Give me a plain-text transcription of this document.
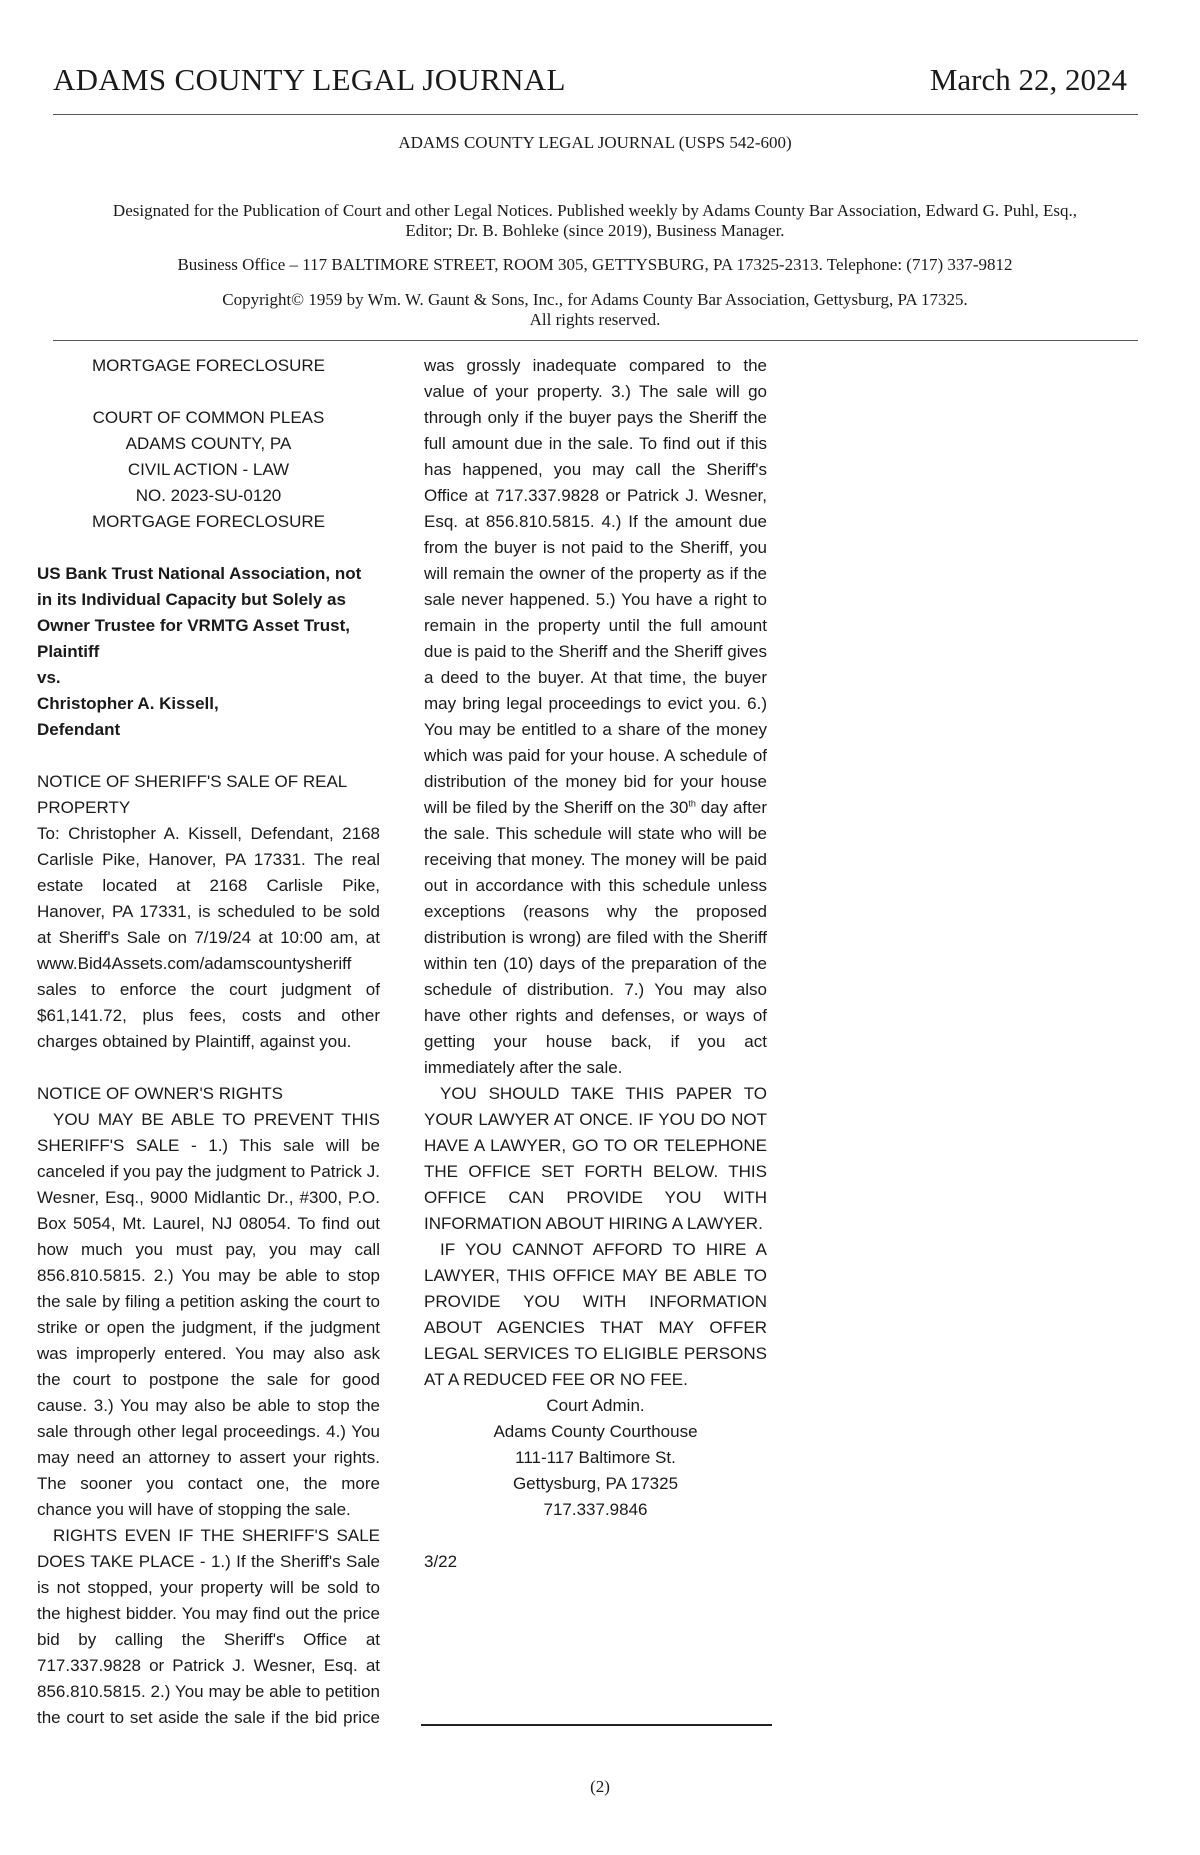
ADAMS COUNTY LEGAL JOURNAL	March 22, 2024
ADAMS COUNTY LEGAL JOURNAL (USPS 542-600)
Designated for the Publication of Court and other Legal Notices. Published weekly by Adams County Bar Association, Edward G. Puhl, Esq., Editor; Dr. B. Bohleke (since 2019), Business Manager.
Business Office – 117 BALTIMORE STREET, ROOM 305, GETTYSBURG, PA 17325-2313. Telephone: (717) 337-9812
Copyright© 1959 by Wm. W. Gaunt & Sons, Inc., for Adams County Bar Association, Gettysburg, PA 17325.
All rights reserved.

MORTGAGE FORECLOSURE

COURT OF COMMON PLEAS

ADAMS COUNTY, PA

CIVIL ACTION - LAW

NO. 2023-SU-0120

MORTGAGE FORECLOSURE

US Bank Trust National Association, not in its Individual Capacity but Solely as Owner Trustee for VRMTG Asset Trust,

Plaintiff

vs.

Christopher A. Kissell,

Defendant

NOTICE OF SHERIFF'S SALE OF REAL PROPERTY

To: Christopher A. Kissell, Defendant, 2168 Carlisle Pike, Hanover, PA 17331. The real estate located at 2168 Carlisle Pike, Hanover, PA 17331, is scheduled to be sold at Sheriff's Sale on 7/19/24 at 10:00 am, at www.Bid4Assets.com/adamscountysheriff sales to enforce the court judgment of $61,141.72, plus fees, costs and other charges obtained by Plaintiff, against you.

NOTICE OF OWNER'S RIGHTS

YOU MAY BE ABLE TO PREVENT THIS SHERIFF'S SALE - 1.) This sale will be canceled if you pay the judgment to Patrick J. Wesner, Esq., 9000 Midlantic Dr., #300, P.O. Box 5054, Mt. Laurel, NJ 08054. To find out how much you must pay, you may call 856.810.5815. 2.) You may be able to stop the sale by filing a petition asking the court to strike or open the judgment, if the judgment was improperly entered. You may also ask the court to postpone the sale for good cause. 3.) You may also be able to stop the sale through other legal proceedings. 4.) You may need an attorney to assert your rights. The sooner you contact one, the more chance you will have of stopping the sale.

RIGHTS EVEN IF THE SHERIFF'S SALE DOES TAKE PLACE - 1.) If the Sheriff's Sale is not stopped, your property will be sold to the highest bidder. You may find out the price bid by calling the Sheriff's Office at 717.337.9828 or Patrick J. Wesner, Esq. at 856.810.5815. 2.) You may be able to petition the court to set aside the sale if the bid price

was grossly inadequate compared to the value of your property. 3.) The sale will go through only if the buyer pays the Sheriff the full amount due in the sale. To find out if this has happened, you may call the Sheriff's Office at 717.337.9828 or Patrick J. Wesner, Esq. at 856.810.5815. 4.) If the amount due from the buyer is not paid to the Sheriff, you will remain the owner of the property as if the sale never happened. 5.) You have a right to remain in the property until the full amount due is paid to the Sheriff and the Sheriff gives a deed to the buyer. At that time, the buyer may bring legal proceedings to evict you. 6.) You may be entitled to a share of the money which was paid for your house. A schedule of distribution of the money bid for your house will be filed by the Sheriff on the 30th day after the sale. This schedule will state who will be receiving that money. The money will be paid out in accordance with this schedule unless exceptions (reasons why the proposed distribution is wrong) are filed with the Sheriff within ten (10) days of the preparation of the schedule of distribution. 7.) You may also have other rights and defenses, or ways of getting your house back, if you act immediately after the sale.

YOU SHOULD TAKE THIS PAPER TO YOUR LAWYER AT ONCE. IF YOU DO NOT HAVE A LAWYER, GO TO OR TELEPHONE THE OFFICE SET FORTH BELOW. THIS OFFICE CAN PROVIDE YOU WITH INFORMATION ABOUT HIRING A LAWYER.

IF YOU CANNOT AFFORD TO HIRE A LAWYER, THIS OFFICE MAY BE ABLE TO PROVIDE YOU WITH INFORMATION ABOUT AGENCIES THAT MAY OFFER LEGAL SERVICES TO ELIGIBLE PERSONS AT A REDUCED FEE OR NO FEE.

Court Admin.
Adams County Courthouse
111-117 Baltimore St.
Gettysburg, PA 17325
717.337.9846

3/22

(2)
